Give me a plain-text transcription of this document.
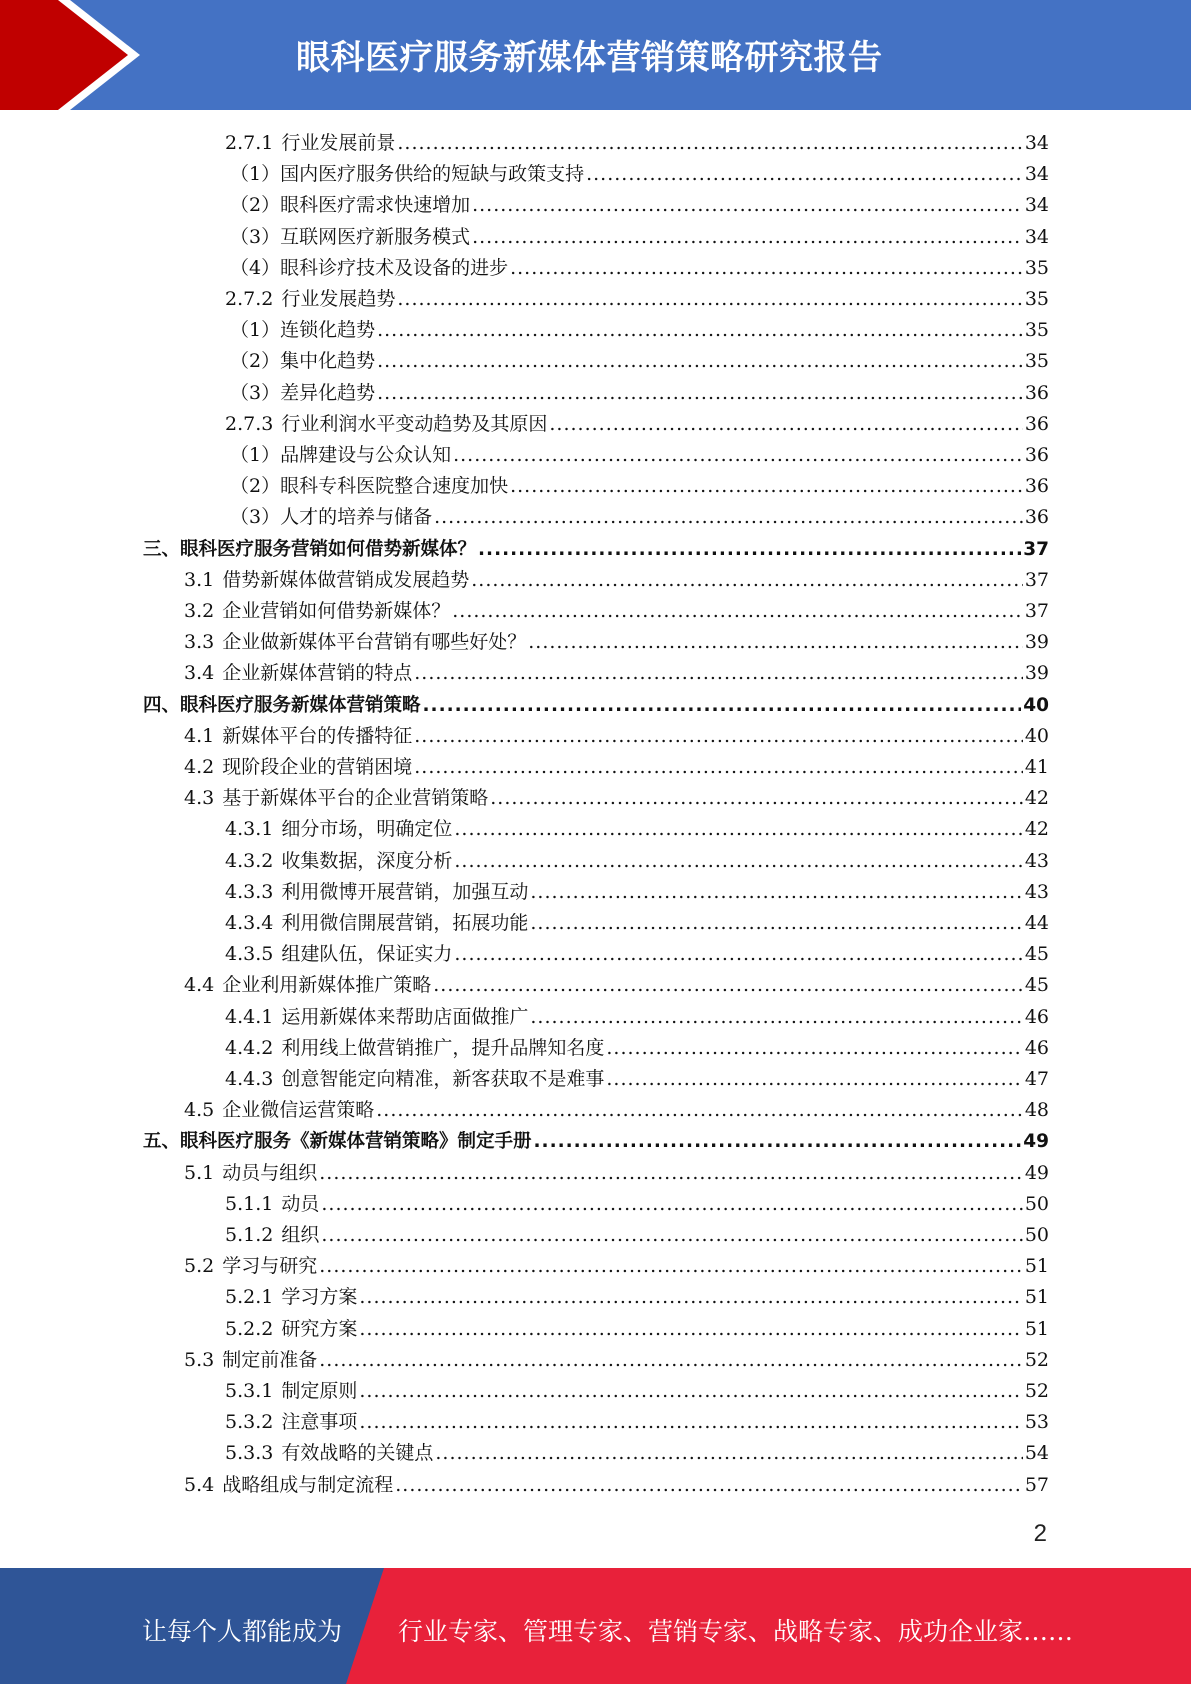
眼科医疗服务新媒体营销策略研究报告
2.7.1 行业发展前景 .....	34
（1）国内医疗服务供给的短缺与政策支持 .....	34
（2）眼科医疗需求快速增加 .....	34
（3）互联网医疗新服务模式 .....	34
（4）眼科诊疗技术及设备的进步 .....	35
2.7.2 行业发展趋势 .....	35
（1）连锁化趋势 .....	35
（2）集中化趋势 .....	35
（3）差异化趋势 .....	36
2.7.3 行业利润水平变动趋势及其原因 .....	36
（1）品牌建设与公众认知 .....	36
（2）眼科专科医院整合速度加快 .....	36
（3）人才的培养与储备 .....	36
三、眼科医疗服务营销如何借势新媒体？ .....	37
3.1 借势新媒体做营销成发展趋势 .....	37
3.2 企业营销如何借势新媒体？ .....	37
3.3 企业做新媒体平台营销有哪些好处？ .....	39
3.4 企业新媒体营销的特点 .....	39
四、眼科医疗服务新媒体营销策略 .....	40
4.1 新媒体平台的传播特征 .....	40
4.2 现阶段企业的营销困境 .....	41
4.3 基于新媒体平台的企业营销策略 .....	42
4.3.1 细分市场，明确定位 .....	42
4.3.2 收集数据，深度分析 .....	43
4.3.3 利用微博开展营销，加强互动 .....	43
4.3.4 利用微信開展营销，拓展功能 .....	44
4.3.5 组建队伍，保证实力 .....	45
4.4 企业利用新媒体推广策略 .....	45
4.4.1 运用新媒体来帮助店面做推广 .....	46
4.4.2 利用线上做营销推广，提升品牌知名度 .....	46
4.4.3 创意智能定向精准，新客获取不是难事 .....	47
4.5 企业微信运营策略 .....	48
五、眼科医疗服务《新媒体营销策略》制定手册 .....	49
5.1 动员与组织 .....	49
5.1.1 动员 .....	50
5.1.2 组织 .....	50
5.2 学习与研究 .....	51
5.2.1 学习方案 .....	51
5.2.2 研究方案 .....	51
5.3 制定前准备 .....	52
5.3.1 制定原则 .....	52
5.3.2 注意事项 .....	53
5.3.3 有效战略的关键点 .....	54
5.4 战略组成与制定流程 .....	57
2
让每个人都能成为 行业专家、管理专家、营销专家、战略专家、成功企业家……
